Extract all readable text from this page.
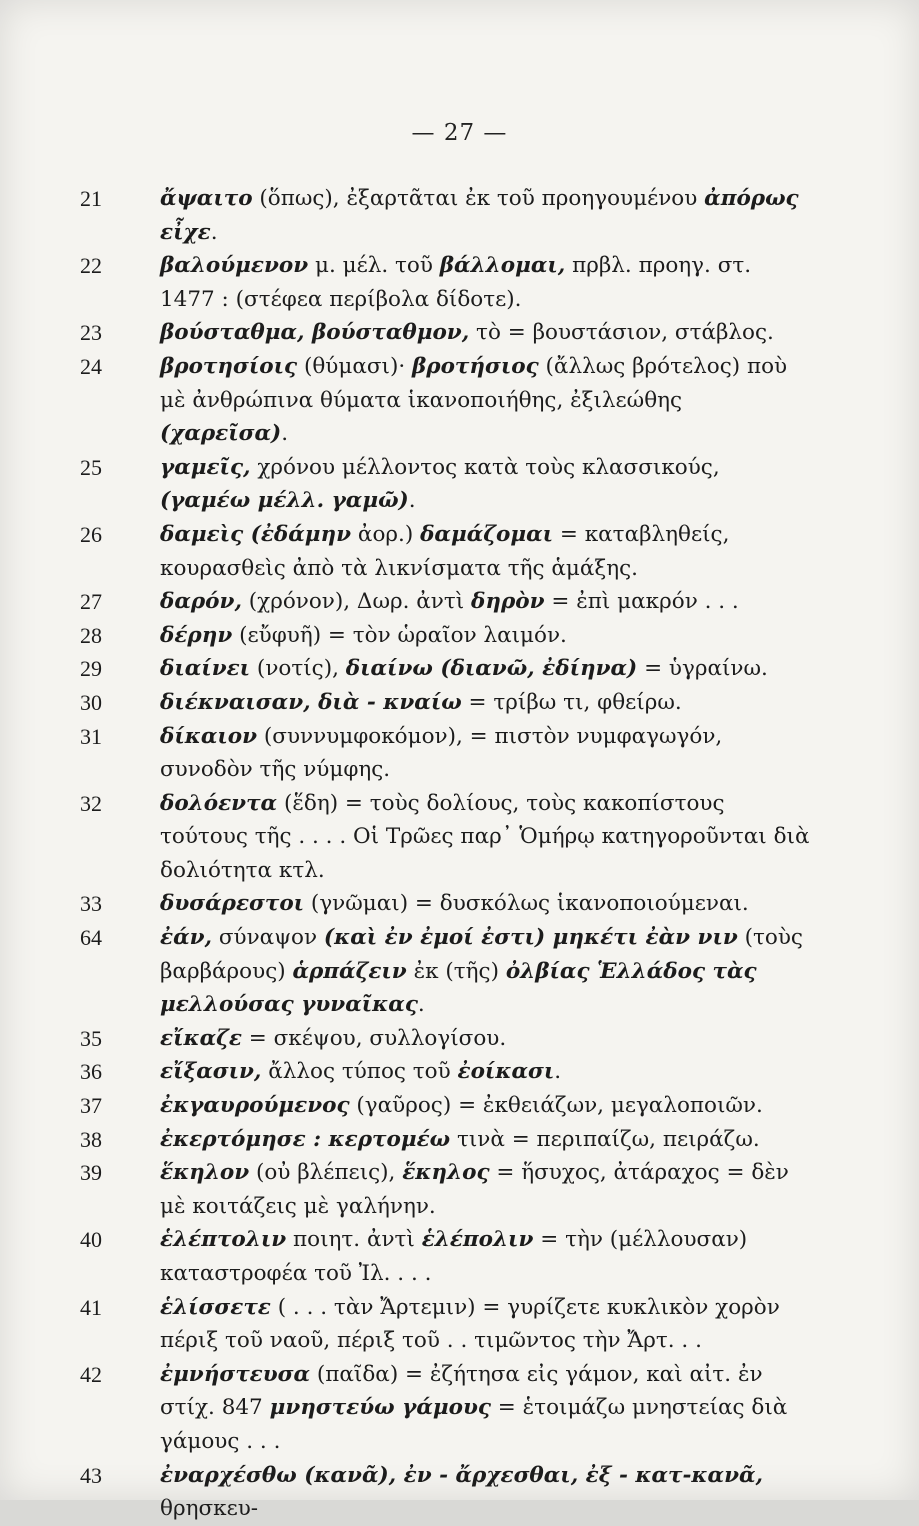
— 27 —
21	ἄψαιτο (ὅπως), ἐξαρτᾶται ἐκ τοῦ προηγουμένου ἀπόρως εἶχε.
22	βαλούμενον μ. μέλ. τοῦ βάλλομαι, πρβλ. προηγ. στ. 1477 : (στέφεα περίβολα δίδοτε).
23	βούσταθμα, βούσταθμον, τὸ = βουστάσιον, στάβλος.
24	βροτησίοις (θύμασι)· βροτήσιος (ἄλλως βρότελος) ποὺ μὲ ἀνθρώπινα θύματα ἱκανοποιήθης, ἐξιλεώθης (χαρεῖσα).
25	γαμεῖς, χρόνου μέλλοντος κατὰ τοὺς κλασσικούς, (γαμέω μέλλ. γαμῶ).
26	δαμεὶς (ἐδάμην ἀορ.) δαμάζομαι = καταβληθείς, κουρασθεὶς ἀπὸ τὰ λικνίσματα τῆς ἁμάξης.
27	δαρόν, (χρόνον), Δωρ. ἀντὶ δηρὸν = ἐπὶ μακρόν . . .
28	δέρην (εὔφυῆ) = τὸν ὡραῖον λαιμόν.
29	διαίνει (νοτίς), διαίνω (διανῶ, ἐδίηνα) = ὑγραίνω.
30	διέκναισαν, διὰ - κναίω = τρίβω τι, φθείρω.
31	δίκαιον (συννυμφοκόμον), = πιστὸν νυμφαγωγόν, συνοδὸν τῆς νύμφης.
32	δολόεντα (ἕδη) = τοὺς δολίους, τοὺς κακοπίστους τούτους τῆς . . . . Οἱ Τρῶες παρ᾽ Ὁμήρῳ κατηγοροῦνται διὰ δολιότητα κτλ.
33	δυσάρεστοι (γνῶμαι) = δυσκόλως ἱκανοποιούμεναι.
64	ἐάν, σύναψον (καὶ ἐν ἐμοί ἐστι) μηκέτι ἐὰν νιν (τοὺς βαρβάρους) ἁρπάζειν ἐκ (τῆς) ὀλβίας Ἑλλάδος τὰς μελλούσας γυναῖκας.
35	εἴκαζε = σκέψου, συλλογίσου.
36	εἴξασιν, ἄλλος τύπος τοῦ ἐοίκασι.
37	ἐκγαυρούμενος (γαῦρος) = ἐκθειάζων, μεγαλοποιῶν.
38	ἐκερτόμησε : κερτομέω τινὰ = περιπαίζω, πειράζω.
39	ἕκηλον (οὐ βλέπεις), ἕκηλος = ἥσυχος, ἀτάραχος = δὲν μὲ κοιτάζεις μὲ γαλήνην.
40	ἑλέπτολιν ποιητ. ἀντὶ ἑλέπολιν = τὴν (μέλλουσαν) καταστροφέα τοῦ Ἰλ. . . .
41	ἑλίσσετε ( . . . τὰν Ἄρτεμιν) = γυρίζετε κυκλικὸν χορὸν πέριξ τοῦ ναοῦ, πέριξ τοῦ . . τιμῶντος τὴν Ἄρτ. . .
42	ἐμνήστευσα (παῖδα) = ἐζήτησα εἰς γάμον, καὶ αἰτ. ἐν στίχ. 847 μνηστεύω γάμους = ἑτοιμάζω μνηστείας διὰ γάμους . . .
43	ἐναρχέσθω (κανᾶ), ἐν - ἄρχεσθαι, ἐξ - κατ-κανᾶ, θρησκευ-
